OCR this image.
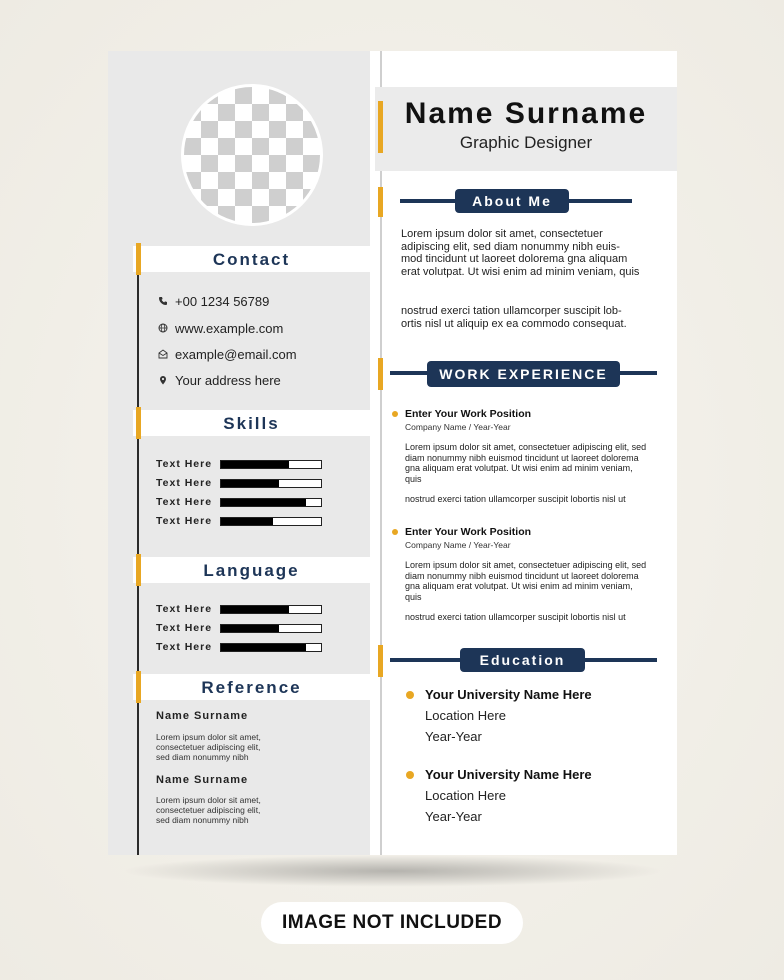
Contact
+00 1234 56789
www.example.com
example@email.com
Your address here
Skills
Text Here
Text Here
Text Here
Text Here
Language
Text Here
Text Here
Text Here
Reference
Name Surname
Lorem ipsum dolor sit amet, consectetuer adipiscing elit, sed diam nonummy nibh
Name Surname
Lorem ipsum dolor sit amet, consectetuer adipiscing elit, sed diam nonummy nibh
Name Surname
Graphic Designer
About Me
Lorem ipsum dolor sit amet, consectetuer adipiscing elit, sed diam nonummy nibh euis-mod tincidunt ut laoreet dolorema gna aliquam erat volutpat. Ut wisi enim ad minim veniam, quis
nostrud exerci tation ullamcorper suscipit lob-ortis nisl ut aliquip ex ea commodo consequat.
WORK EXPERIENCE
Enter Your Work Position
Company Name / Year-Year
Lorem ipsum dolor sit amet, consectetuer adipiscing elit, sed diam nonummy nibh euismod tincidunt ut laoreet dolorema gna aliquam erat volutpat. Ut wisi enim ad minim veniam, quis
nostrud exerci tation ullamcorper suscipit lobortis nisl ut
Enter Your Work Position
Company Name / Year-Year
Lorem ipsum dolor sit amet, consectetuer adipiscing elit, sed diam nonummy nibh euismod tincidunt ut laoreet dolorema gna aliquam erat volutpat. Ut wisi enim ad minim veniam, quis
nostrud exerci tation ullamcorper suscipit lobortis nisl ut
Education
Your University Name Here
Location Here
Year-Year
Your University Name Here
Location Here
Year-Year
IMAGE NOT INCLUDED
